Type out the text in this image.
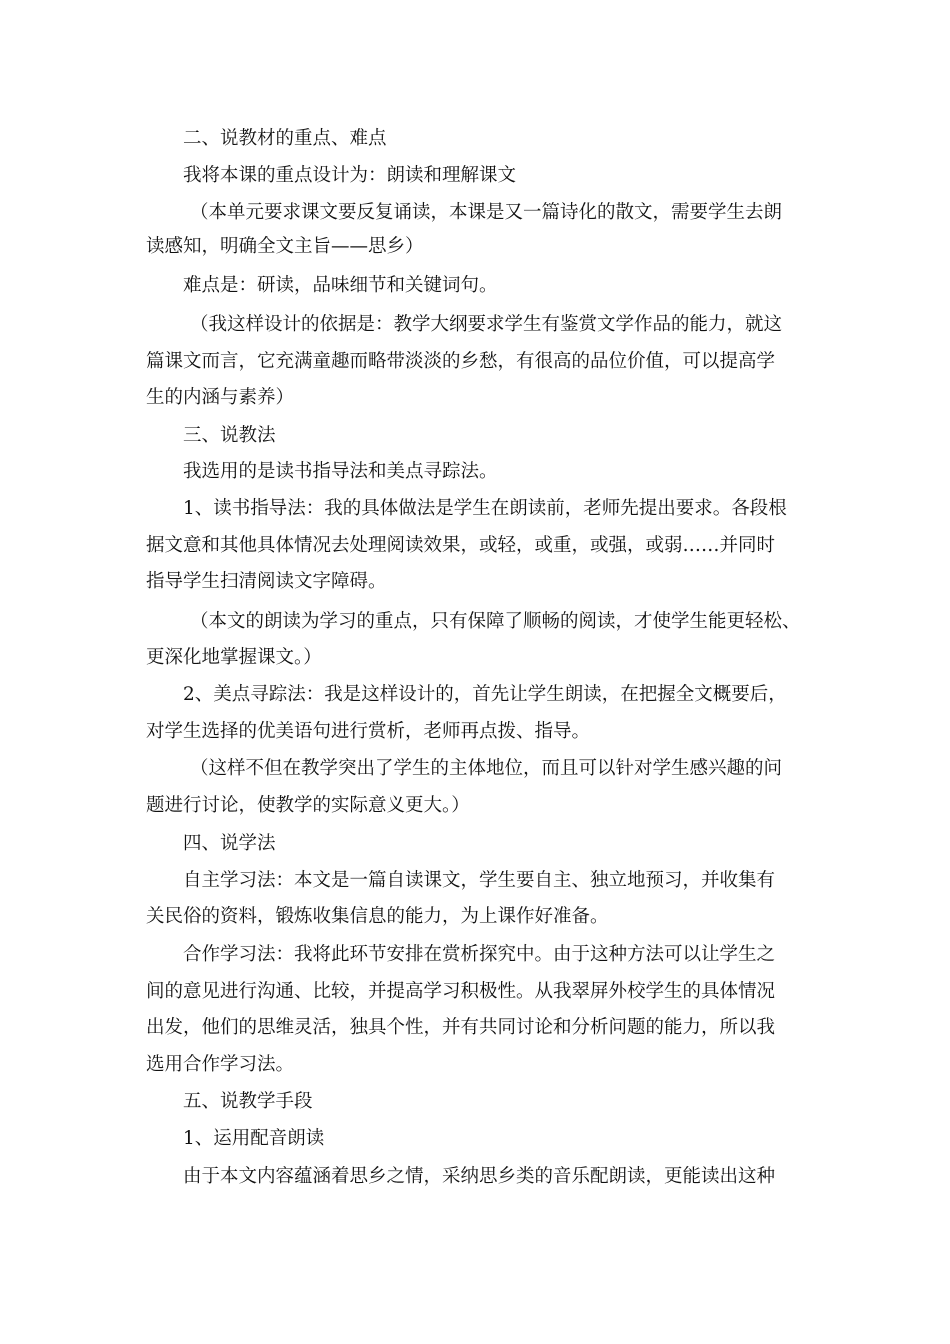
二、说教材的重点、难点

我将本课的重点设计为：朗读和理解课文

（本单元要求课文要反复诵读，本课是又一篇诗化的散文，需要学生去朗

读感知，明确全文主旨——思乡）

难点是：研读，品味细节和关键词句。

（我这样设计的依据是：教学大纲要求学生有鉴赏文学作品的能力，就这

篇课文而言，它充满童趣而略带淡淡的乡愁，有很高的品位价值，可以提高学

生的内涵与素养）

三、说教法

我选用的是读书指导法和美点寻踪法。

1、读书指导法：我的具体做法是学生在朗读前，老师先提出要求。各段根

据文意和其他具体情况去处理阅读效果，或轻，或重，或强，或弱……并同时

指导学生扫清阅读文字障碍。

（本文的朗读为学习的重点，只有保障了顺畅的阅读，才使学生能更轻松、

更深化地掌握课文。）

2、美点寻踪法：我是这样设计的，首先让学生朗读，在把握全文概要后，

对学生选择的优美语句进行赏析，老师再点拨、指导。

（这样不但在教学突出了学生的主体地位，而且可以针对学生感兴趣的问

题进行讨论，使教学的实际意义更大。）

四、说学法

自主学习法：本文是一篇自读课文，学生要自主、独立地预习，并收集有

关民俗的资料，锻炼收集信息的能力，为上课作好准备。

合作学习法：我将此环节安排在赏析探究中。由于这种方法可以让学生之

间的意见进行沟通、比较，并提高学习积极性。从我翠屏外校学生的具体情况

出发，他们的思维灵活，独具个性，并有共同讨论和分析问题的能力，所以我

选用合作学习法。

五、说教学手段

1、运用配音朗读

由于本文内容蕴涵着思乡之情，采纳思乡类的音乐配朗读，更能读出这种
